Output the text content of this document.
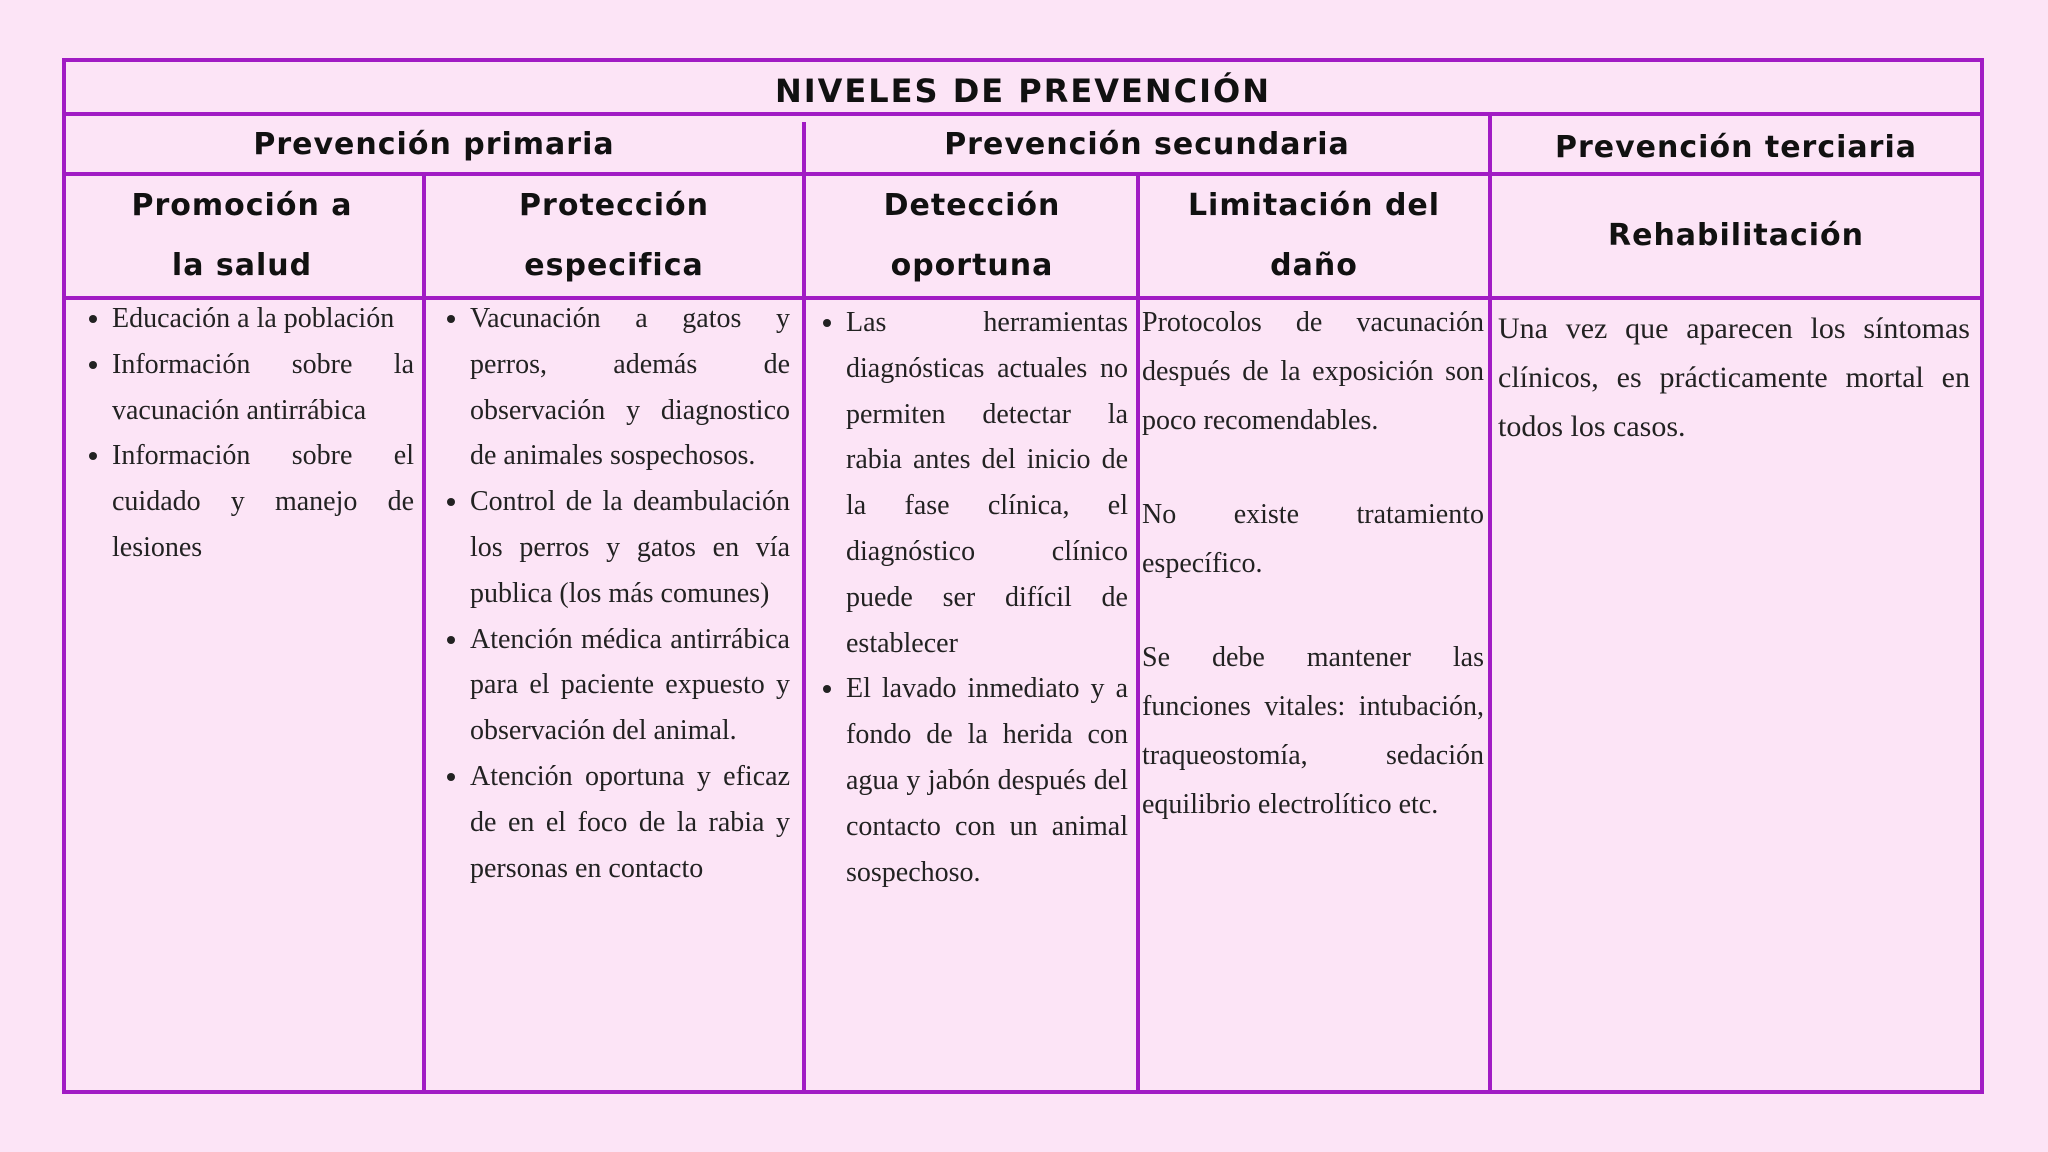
NIVELES DE PREVENCIÓN
Prevención primaria	Prevención secundaria	Prevención terciaria
Promoción a la salud
Protección especifica
Detección oportuna
Limitación del daño
Rehabilitación
• Educación a la población
• Información sobre la vacunación antirrábica
• Información sobre el cuidado y manejo de lesiones
• Vacunación a gatos y perros, además de observación y diagnostico de animales sospechosos.
• Control de la deambulación los perros y gatos en vía publica (los más comunes)
• Atención médica antirrábica para el paciente expuesto y observación del animal.
• Atención oportuna y eficaz de en el foco de la rabia y personas en contacto
• Las herramientas diagnósticas actuales no permiten detectar la rabia antes del inicio de la fase clínica, el diagnóstico clínico puede ser difícil de establecer
• El lavado inmediato y a fondo de la herida con agua y jabón después del contacto con un animal sospechoso.

Protocolos de vacunación después de la exposición son poco recomendables.

No existe tratamiento específico.

Se debe mantener las funciones vitales: intubación, traqueostomía, sedación equilibrio electrolítico etc.

Una vez que aparecen los síntomas clínicos, es prácticamente mortal en todos los casos.
